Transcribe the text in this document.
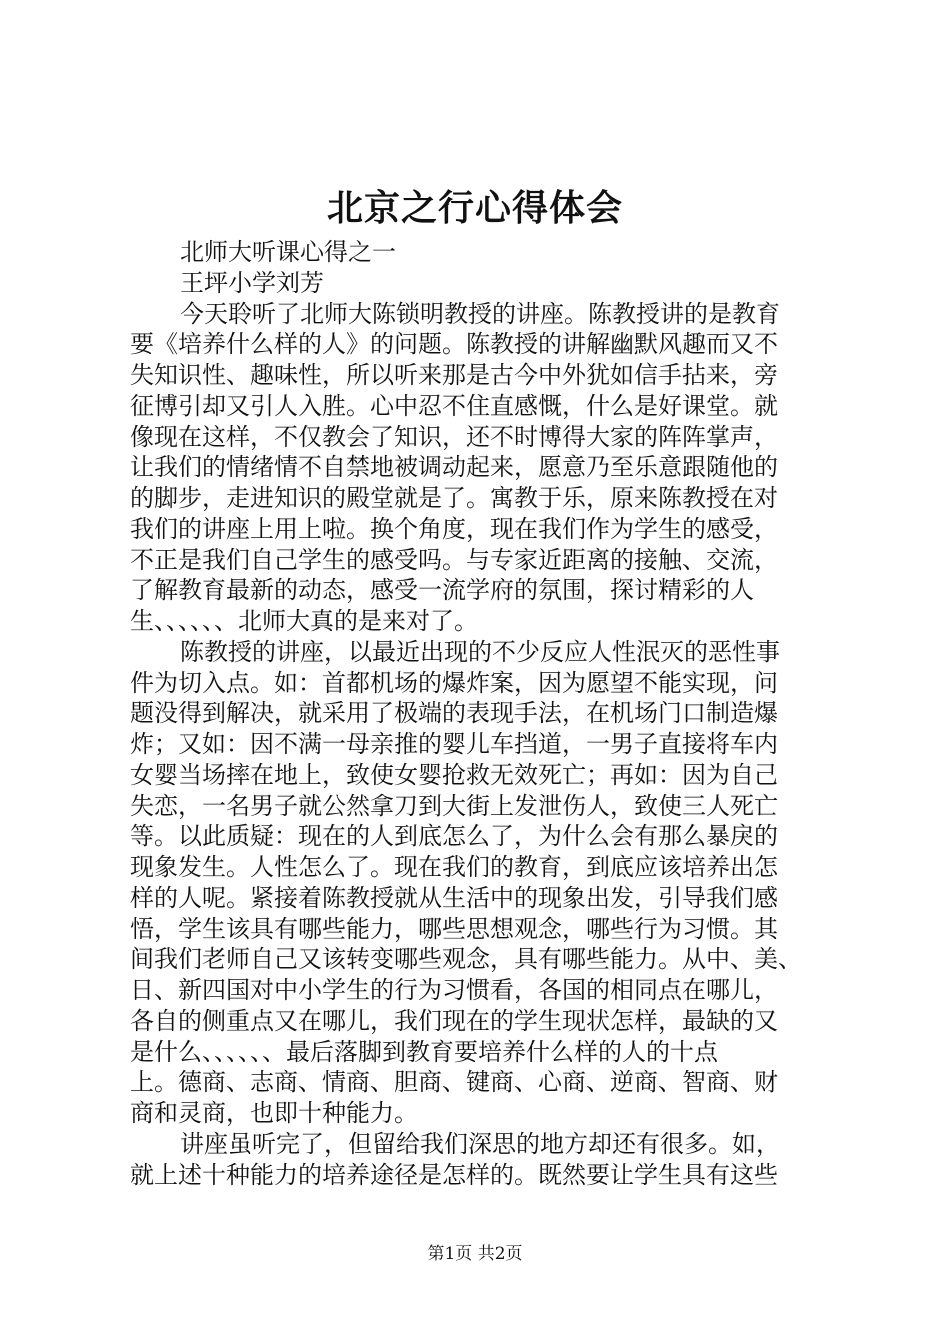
北京之行心得体会
北师大听课心得之一
王坪小学刘芳
今天聆听了北师大陈锁明教授的讲座。陈教授讲的是教育
要《培养什么样的人》的问题。陈教授的讲解幽默风趣而又不
失知识性、趣味性，所以听来那是古今中外犹如信手拈来，旁
征博引却又引人入胜。心中忍不住直感慨，什么是好课堂。就
像现在这样，不仅教会了知识，还不时博得大家的阵阵掌声，
让我们的情绪情不自禁地被调动起来，愿意乃至乐意跟随他的
的脚步，走进知识的殿堂就是了。寓教于乐，原来陈教授在对
我们的讲座上用上啦。换个角度，现在我们作为学生的感受，
不正是我们自己学生的感受吗。与专家近距离的接触、交流，
了解教育最新的动态，感受一流学府的氛围，探讨精彩的人
生、、、、、、北师大真的是来对了。
陈教授的讲座，以最近出现的不少反应人性泯灭的恶性事
件为切入点。如：首都机场的爆炸案，因为愿望不能实现，问
题没得到解决，就采用了极端的表现手法，在机场门口制造爆
炸；又如：因不满一母亲推的婴儿车挡道，一男子直接将车内
女婴当场摔在地上，致使女婴抢救无效死亡；再如：因为自己
失恋，一名男子就公然拿刀到大街上发泄伤人，致使三人死亡
等。以此质疑：现在的人到底怎么了，为什么会有那么暴戾的
现象发生。人性怎么了。现在我们的教育，到底应该培养出怎
样的人呢。紧接着陈教授就从生活中的现象出发，引导我们感
悟，学生该具有哪些能力，哪些思想观念，哪些行为习惯。其
间我们老师自己又该转变哪些观念，具有哪些能力。从中、美、
日、新四国对中小学生的行为习惯看，各国的相同点在哪儿，
各自的侧重点又在哪儿，我们现在的学生现状怎样，最缺的又
是什么、、、、、、最后落脚到教育要培养什么样的人的十点
上。德商、志商、情商、胆商、键商、心商、逆商、智商、财
商和灵商，也即十种能力。
讲座虽听完了，但留给我们深思的地方却还有很多。如，
就上述十种能力的培养途径是怎样的。既然要让学生具有这些
第1页 共2页
